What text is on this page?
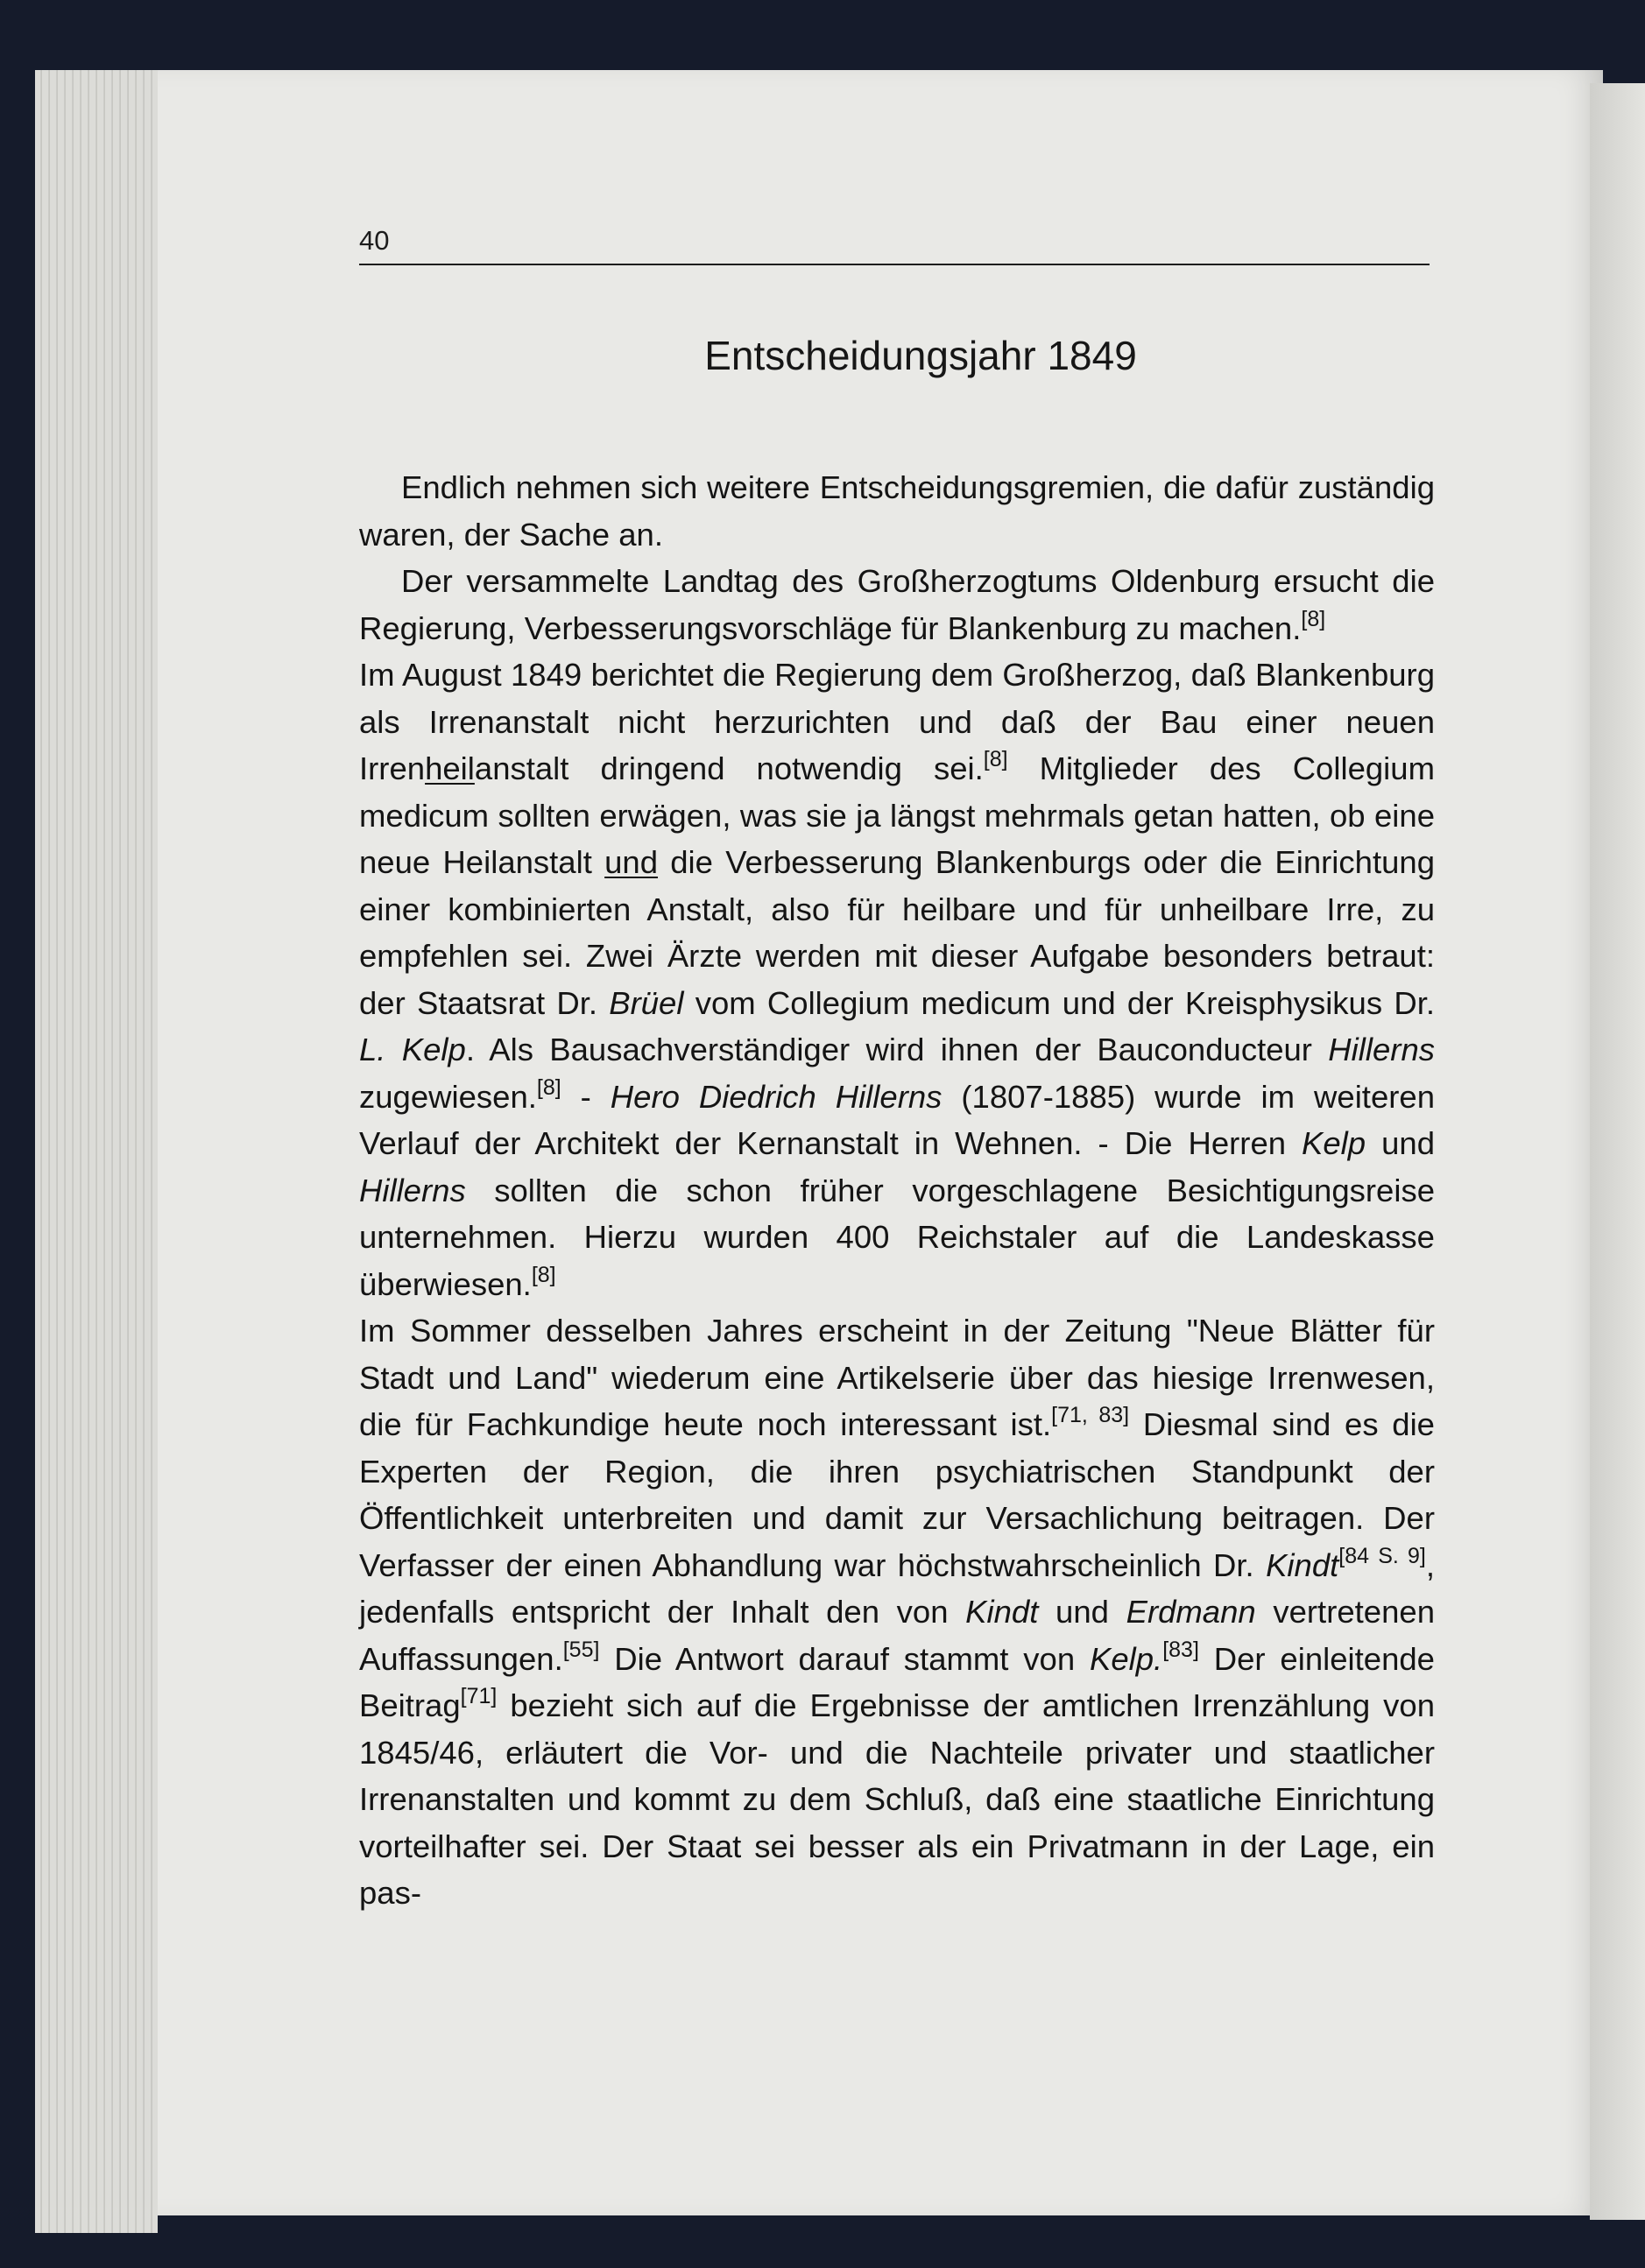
40
Entscheidungsjahr 1849

Endlich nehmen sich weitere Entscheidungsgremien, die dafür zuständig waren, der Sache an.

Der versammelte Landtag des Großherzogtums Oldenburg ersucht die Regierung, Verbesserungsvorschläge für Blankenburg zu machen.[8]

Im August 1849 berichtet die Regierung dem Großherzog, daß Blankenburg als Irrenanstalt nicht herzurichten und daß der Bau einer neuen Irrenheilanstalt dringend notwendig sei.[8] Mitglieder des Collegium medicum sollten erwägen, was sie ja längst mehrmals getan hatten, ob eine neue Heilanstalt und die Verbesserung Blankenburgs oder die Einrichtung einer kombinierten Anstalt, also für heilbare und für unheilbare Irre, zu empfehlen sei. Zwei Ärzte werden mit dieser Aufgabe besonders betraut: der Staatsrat Dr. Brüel vom Collegium medicum und der Kreisphysikus Dr. L. Kelp. Als Bausachverständiger wird ihnen der Bauconducteur Hillerns zugewiesen.[8] - Hero Diedrich Hillerns (1807-1885) wurde im weiteren Verlauf der Architekt der Kernanstalt in Wehnen. - Die Herren Kelp und Hillerns sollten die schon früher vorgeschlagene Besichtigungsreise unternehmen. Hierzu wurden 400 Reichstaler auf die Landeskasse überwiesen.[8]

Im Sommer desselben Jahres erscheint in der Zeitung "Neue Blätter für Stadt und Land" wiederum eine Artikelserie über das hiesige Irrenwesen, die für Fachkundige heute noch interessant ist.[71, 83] Diesmal sind es die Experten der Region, die ihren psychiatrischen Standpunkt der Öffentlichkeit unterbreiten und damit zur Versachlichung beitragen. Der Verfasser der einen Abhandlung war höchstwahrscheinlich Dr. Kindt[84 S. 9], jedenfalls entspricht der Inhalt den von Kindt und Erdmann vertretenen Auffassungen.[55] Die Antwort darauf stammt von Kelp.[83] Der einleitende Beitrag[71] bezieht sich auf die Ergebnisse der amtlichen Irrenzählung von 1845/46, erläutert die Vor- und die Nachteile privater und staatlicher Irrenanstalten und kommt zu dem Schluß, daß eine staatliche Einrichtung vorteilhafter sei. Der Staat sei besser als ein Privatmann in der Lage, ein pas-
